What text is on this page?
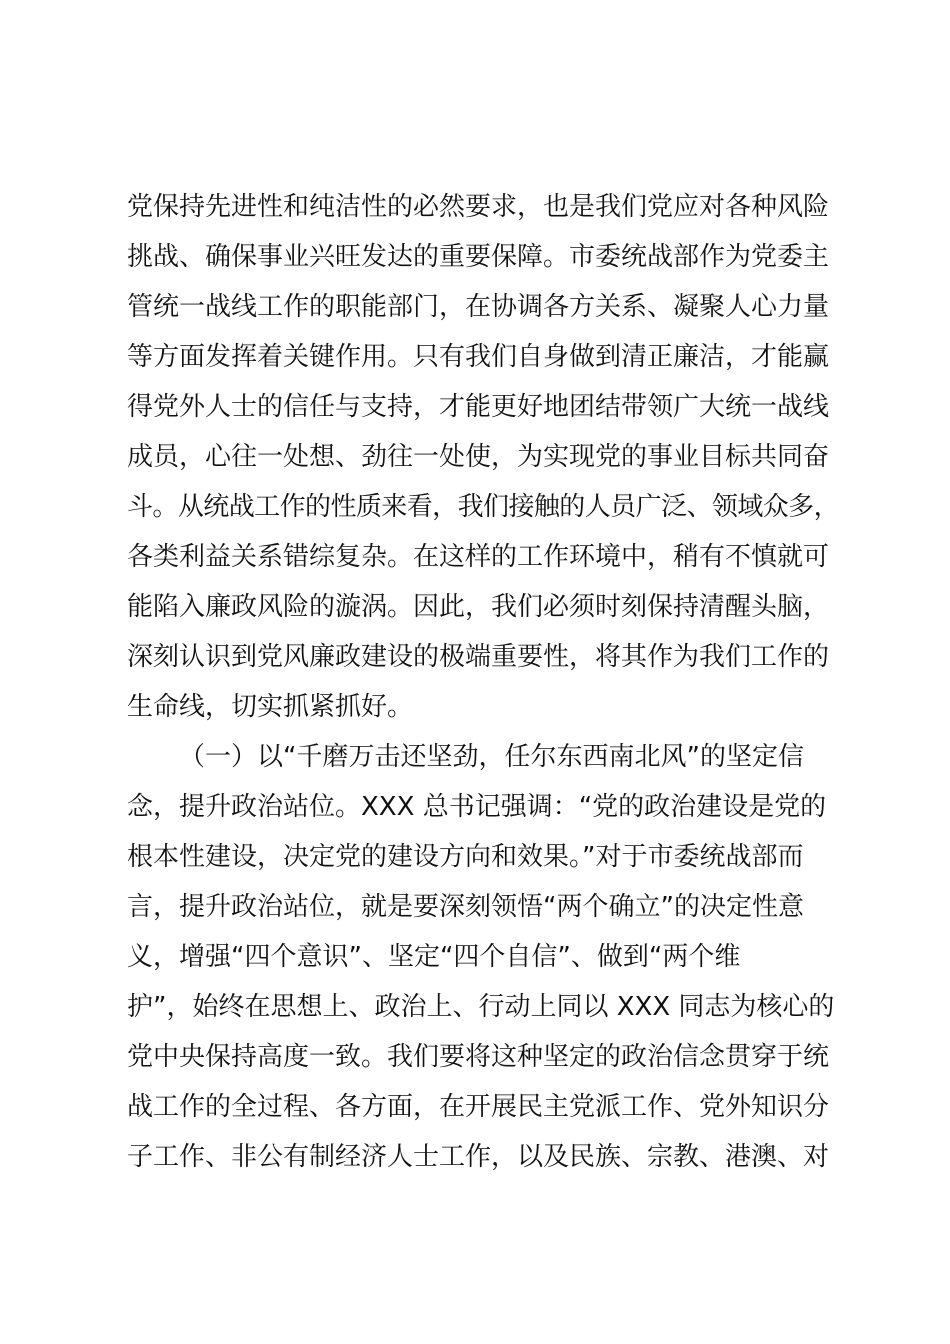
党保持先进性和纯洁性的必然要求，也是我们党应对各种风险
挑战、确保事业兴旺发达的重要保障。市委统战部作为党委主
管统一战线工作的职能部门，在协调各方关系、凝聚人心力量
等方面发挥着关键作用。只有我们自身做到清正廉洁，才能赢
得党外人士的信任与支持，才能更好地团结带领广大统一战线
成员，心往一处想、劲往一处使，为实现党的事业目标共同奋
斗。从统战工作的性质来看，我们接触的人员广泛、领域众多，
各类利益关系错综复杂。在这样的工作环境中，稍有不慎就可
能陷入廉政风险的漩涡。因此，我们必须时刻保持清醒头脑，
深刻认识到党风廉政建设的极端重要性，将其作为我们工作的
生命线，切实抓紧抓好。
（一）以“千磨万击还坚劲，任尔东西南北风”的坚定信
念，提升政治站位。XXX 总书记强调：“党的政治建设是党的
根本性建设，决定党的建设方向和效果。”对于市委统战部而
言，提升政治站位，就是要深刻领悟“两个确立”的决定性意
义，增强“四个意识”、坚定“四个自信”、做到“两个维
护”，始终在思想上、政治上、行动上同以 XXX 同志为核心的
党中央保持高度一致。我们要将这种坚定的政治信念贯穿于统
战工作的全过程、各方面，在开展民主党派工作、党外知识分
子工作、非公有制经济人士工作，以及民族、宗教、港澳、对
